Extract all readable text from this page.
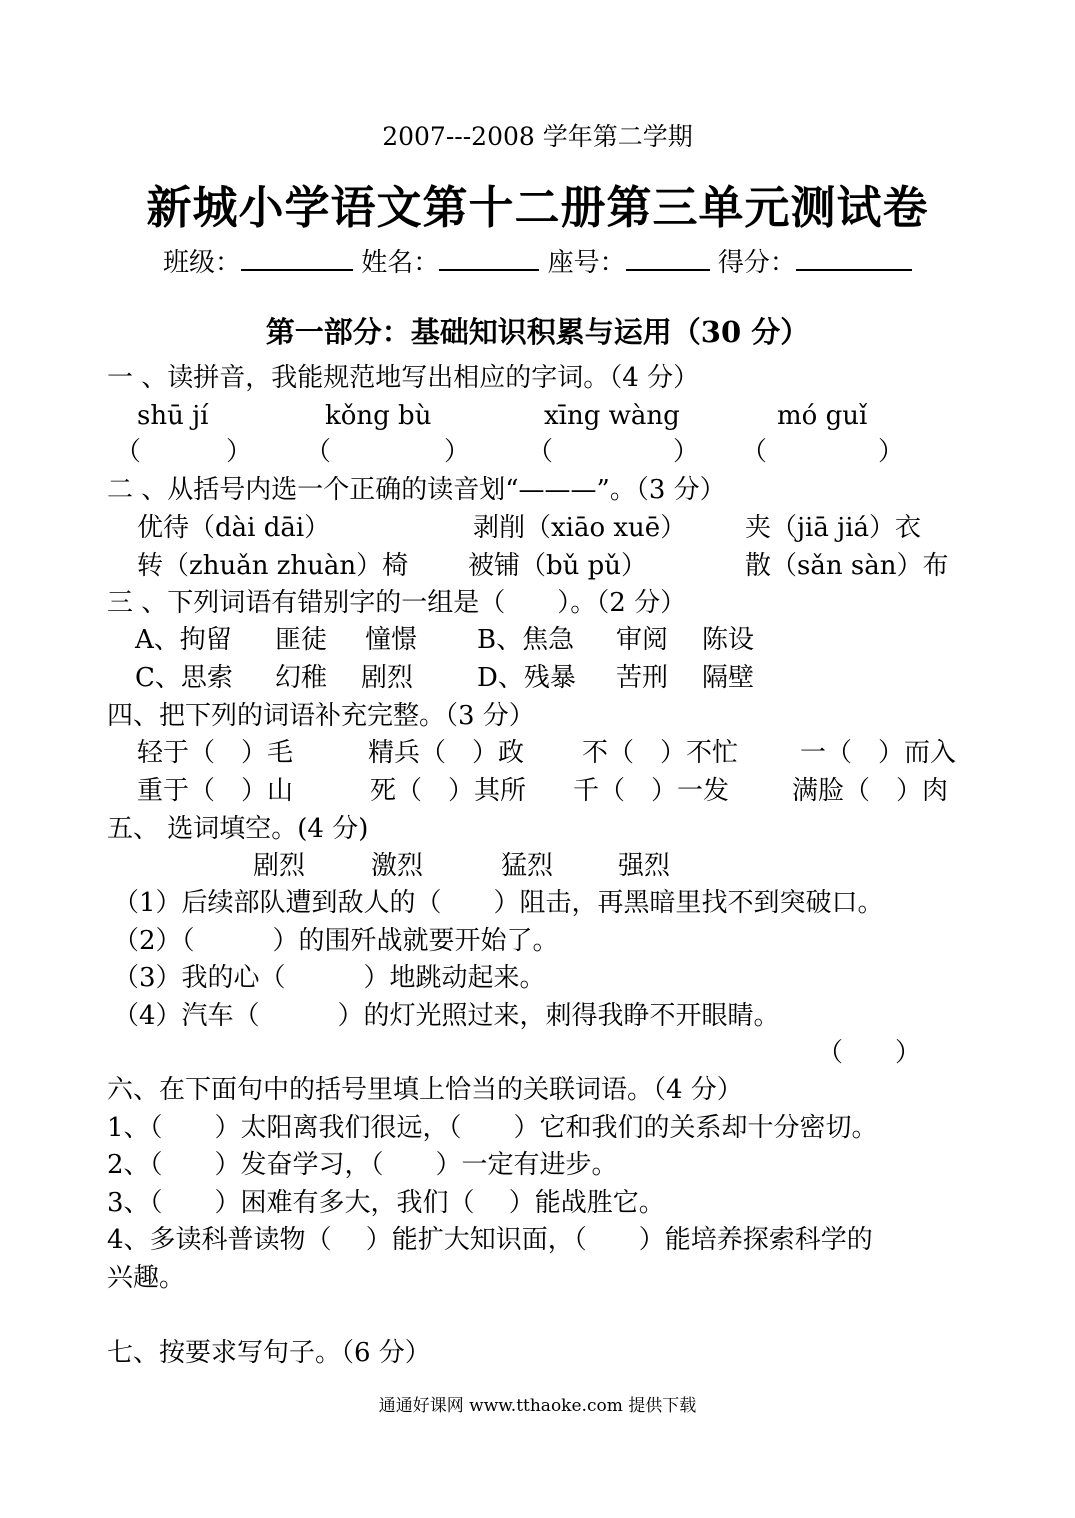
2007---2008 学年第二学期
新城小学语文第十二册第三单元测试卷
班级：	姓名：	座号：	得分：
第一部分：基础知识积累与运用（30 分）
一 、读拼音，我能规范地写出相应的字词。（4 分）
shū jí	kǒng bù	xīng wàng	mó guǐ
（	） （	） （	） （	）
二 、从括号内选一个正确的读音划“———”。（3 分）
优待（dài dāi）	剥削（xiāo xuē） 夹（jiā jiá）衣
转（zhuǎn zhuàn）椅 被铺（bǔ pǔ）	散（sǎn sàn）布
三 、下列词语有错别字的一组是（　　）。（2 分）
A、拘留 匪徒 憧憬 B、焦急 审阅 陈设
C、思索 幻稚 剧烈 D、残暴 苦刑 隔壁
四、把下列的词语补充完整。（3 分）
轻于（　）毛	精兵（　）政 不（　）不忙 一（　）而入
重于（　）山	死（　）其所 千（　）一发 满脸（　）肉
五、 选词填空。(4 分)
剧烈	激烈	猛烈 强烈
（1）后续部队遭到敌人的（　　）阻击，再黑暗里找不到突破口。
（2）（　　　）的围歼战就要开始了。
（3）我的心（　　　）地跳动起来。
（4）汽车（　　　）的灯光照过来，刺得我睁不开眼睛。
（　　）
六、在下面句中的括号里填上恰当的关联词语。（4 分）
1、（　　）太阳离我们很远，（　　）它和我们的关系却十分密切。
2、（　　）发奋学习，（　　）一定有进步。
3、（　　）困难有多大，我们（　 ）能战胜它。
4、多读科普读物（　 ）能扩大知识面，（　　）能培养探索科学的
兴趣。
七、按要求写句子。（6 分）
通通好课网 www.tthaoke.com 提供下载
